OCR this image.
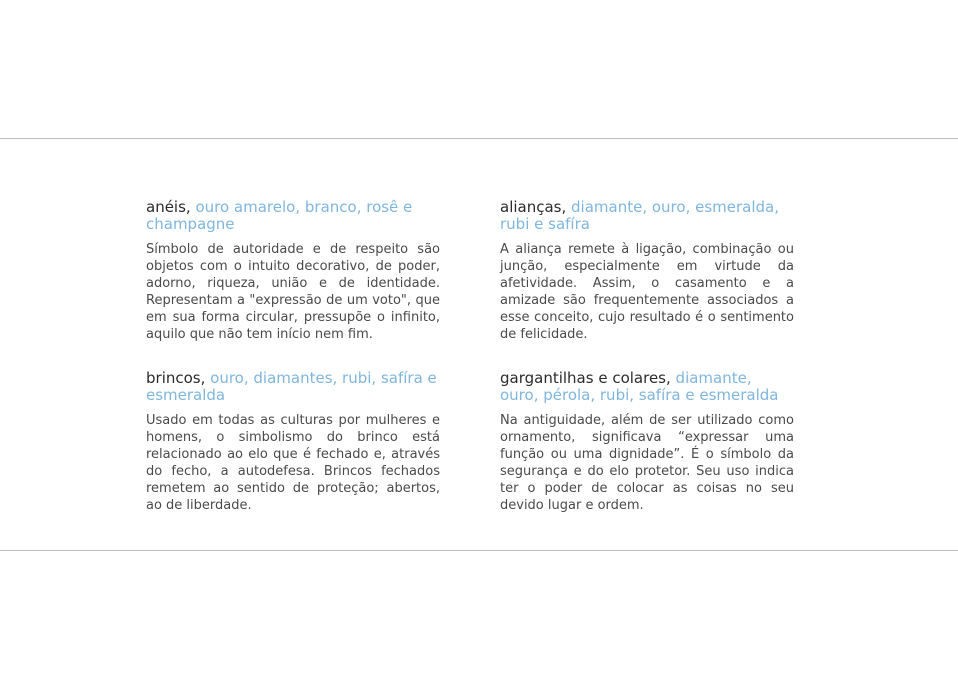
anéis, ouro amarelo, branco, rosê e champagne

Símbolo de autoridade e de respeito são objetos com o intuito decorativo, de poder, adorno, riqueza, união e de identidade. Representam a "expressão de um voto", que em sua forma circular, pressupõe o infinito, aquilo que não tem início nem fim.

alianças, diamante, ouro, esmeralda, rubi e safíra

A aliança remete à ligação, combinação ou junção, especialmente em virtude da afetividade. Assim, o casamento e a amizade são frequentemente associados a esse conceito, cujo resultado é o sentimento de felicidade.

brincos, ouro, diamantes, rubi, safíra e esmeralda

Usado em todas as culturas por mulheres e homens, o simbolismo do brinco está relacionado ao elo que é fechado e, através do fecho, a autodefesa. Brincos fechados remetem ao sentido de proteção; abertos, ao de liberdade.

gargantilhas e colares, diamante, ouro, pérola, rubi, safíra e esmeralda

Na antiguidade, além de ser utilizado como ornamento, significava “expressar uma função ou uma dignidade”. É o símbolo da segurança e do elo protetor. Seu uso indica ter o poder de colocar as coisas no seu devido lugar e ordem.
